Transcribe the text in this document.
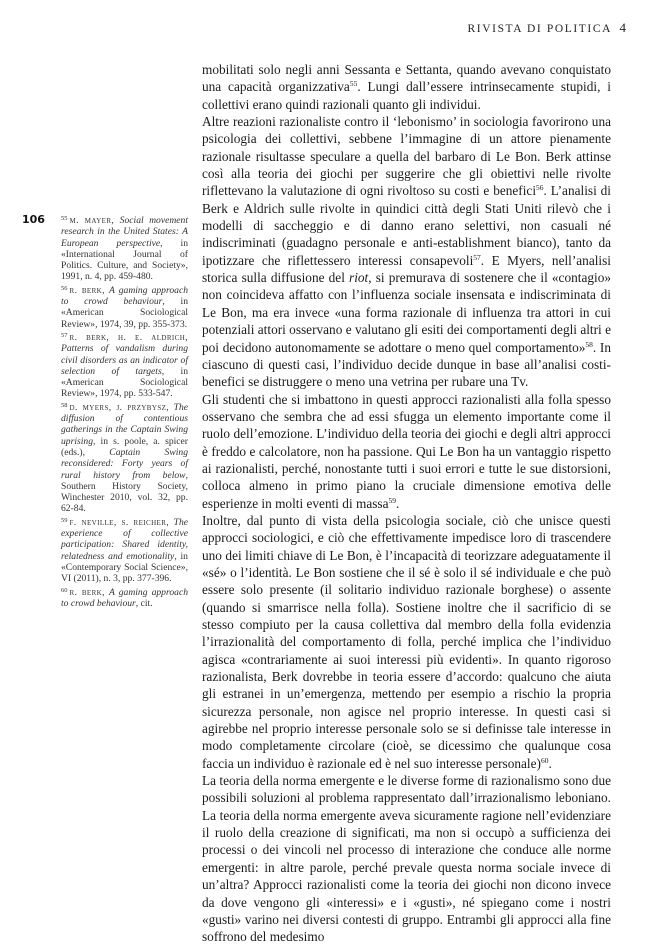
RIVISTA DI POLITICA 4
106 $^{55}$ m. mayer, Social movement research in the United States: A European perspective, in «International Journal of Politics. Culture, and Society», 1991, n. 4, pp. 459-480.

$^{56}$ r. berk, A gaming approach to crowd behaviour, in «American Sociological Review», 1974, 39, pp. 355-373.

$^{57}$ r. berk, h. e. aldrich, Patterns of vandalism during civil disorders as an indicator of selection of targets, in «American Sociological Review», 1974, pp. 533-547.

$^{58}$ d. myers, j. przybysz, The diffusion of contentious gatherings in the Captain Swing uprising, in s. poole, a. spicer (eds.), Captain Swing reconsidered: Forty years of rural history from below, Southern History Society, Winchester 2010, vol. 32, pp. 62-84.

$^{59}$ f. neville, s. reicher, The experience of collective participation: Shared identity, relatedness and emotionality, in «Contemporary Social Science», VI (2011), n. 3, pp. 377-396.

$^{60}$ r. berk, A gaming approach to crowd behaviour, cit.

mobilitati solo negli anni Sessanta e Settanta, quando avevano conquistato una capacità organizzativa$^{55}$. Lungi dall’essere intrinsecamente stupidi, i collettivi erano quindi razionali quanto gli individui.

Altre reazioni razionaliste contro il ‘lebonismo’ in sociologia favorirono una psicologia dei collettivi, sebbene l’immagine di un attore pienamente razionale risultasse speculare a quella del barbaro di Le Bon. Berk attinse così alla teoria dei giochi per suggerire che gli obiettivi nelle rivolte riflettevano la valutazione di ogni rivoltoso su costi e benefici$^{56}$. L’analisi di Berk e Aldrich sulle rivolte in quindici città degli Stati Uniti rilevò che i modelli di saccheggio e di danno erano selettivi, non casuali né indiscriminati (guadagno personale e anti-establishment bianco), tanto da ipotizzare che riflettessero interessi consapevoli$^{57}$. E Myers, nell’analisi storica sulla diffusione del riot, si premurava di sostenere che il «contagio» non coincideva affatto con l’influenza sociale insensata e indiscriminata di Le Bon, ma era invece «una forma razionale di influenza tra attori in cui potenziali attori osservano e valutano gli esiti dei comportamenti degli altri e poi decidono autonomamente se adottare o meno quel comportamento»$^{58}$. In ciascuno di questi casi, l’individuo decide dunque in base all’analisi costi-benefici se distruggere o meno una vetrina per rubare una Tv.

Gli studenti che si imbattono in questi approcci razionalisti alla folla spesso osservano che sembra che ad essi sfugga un elemento importante come il ruolo dell’emozione. L’individuo della teoria dei giochi e degli altri approcci è freddo e calcolatore, non ha passione. Qui Le Bon ha un vantaggio rispetto ai razionalisti, perché, nonostante tutti i suoi errori e tutte le sue distorsioni, colloca almeno in primo piano la cruciale dimensione emotiva delle esperienze in molti eventi di massa$^{59}$.

Inoltre, dal punto di vista della psicologia sociale, ciò che unisce questi approcci sociologici, e ciò che effettivamente impedisce loro di trascendere uno dei limiti chiave di Le Bon, è l’incapacità di teorizzare adeguatamente il «sé» o l’identità. Le Bon sostiene che il sé è solo il sé individuale e che può essere solo presente (il solitario individuo razionale borghese) o assente (quando si smarrisce nella folla). Sostiene inoltre che il sacrificio di se stesso compiuto per la causa collettiva dal membro della folla evidenzia l’irrazionalità del comportamento di folla, perché implica che l’individuo agisca «contrariamente ai suoi interessi più evidenti». In quanto rigoroso razionalista, Berk dovrebbe in teoria essere d’accordo: qualcuno che aiuta gli estranei in un’emergenza, mettendo per esempio a rischio la propria sicurezza personale, non agisce nel proprio interesse. In questi casi si agirebbe nel proprio interesse personale solo se si definisse tale interesse in modo completamente circolare (cioè, se dicessimo che qualunque cosa faccia un individuo è razionale ed è nel suo interesse personale)$^{60}$.

La teoria della norma emergente e le diverse forme di razionalismo sono due possibili soluzioni al problema rappresentato dall’irrazionalismo leboniano. La teoria della norma emergente aveva sicuramente ragione nell’evidenziare il ruolo della creazione di significati, ma non si occupò a sufficienza dei processi o dei vincoli nel processo di interazione che conduce alle norme emergenti: in altre parole, perché prevale questa norma sociale invece di un’altra? Approcci razionalisti come la teoria dei giochi non dicono invece da dove vengono gli «interessi» e i «gusti», né spiegano come i nostri «gusti» varino nei diversi contesti di gruppo. Entrambi gli approcci alla fine soffrono del medesimo
